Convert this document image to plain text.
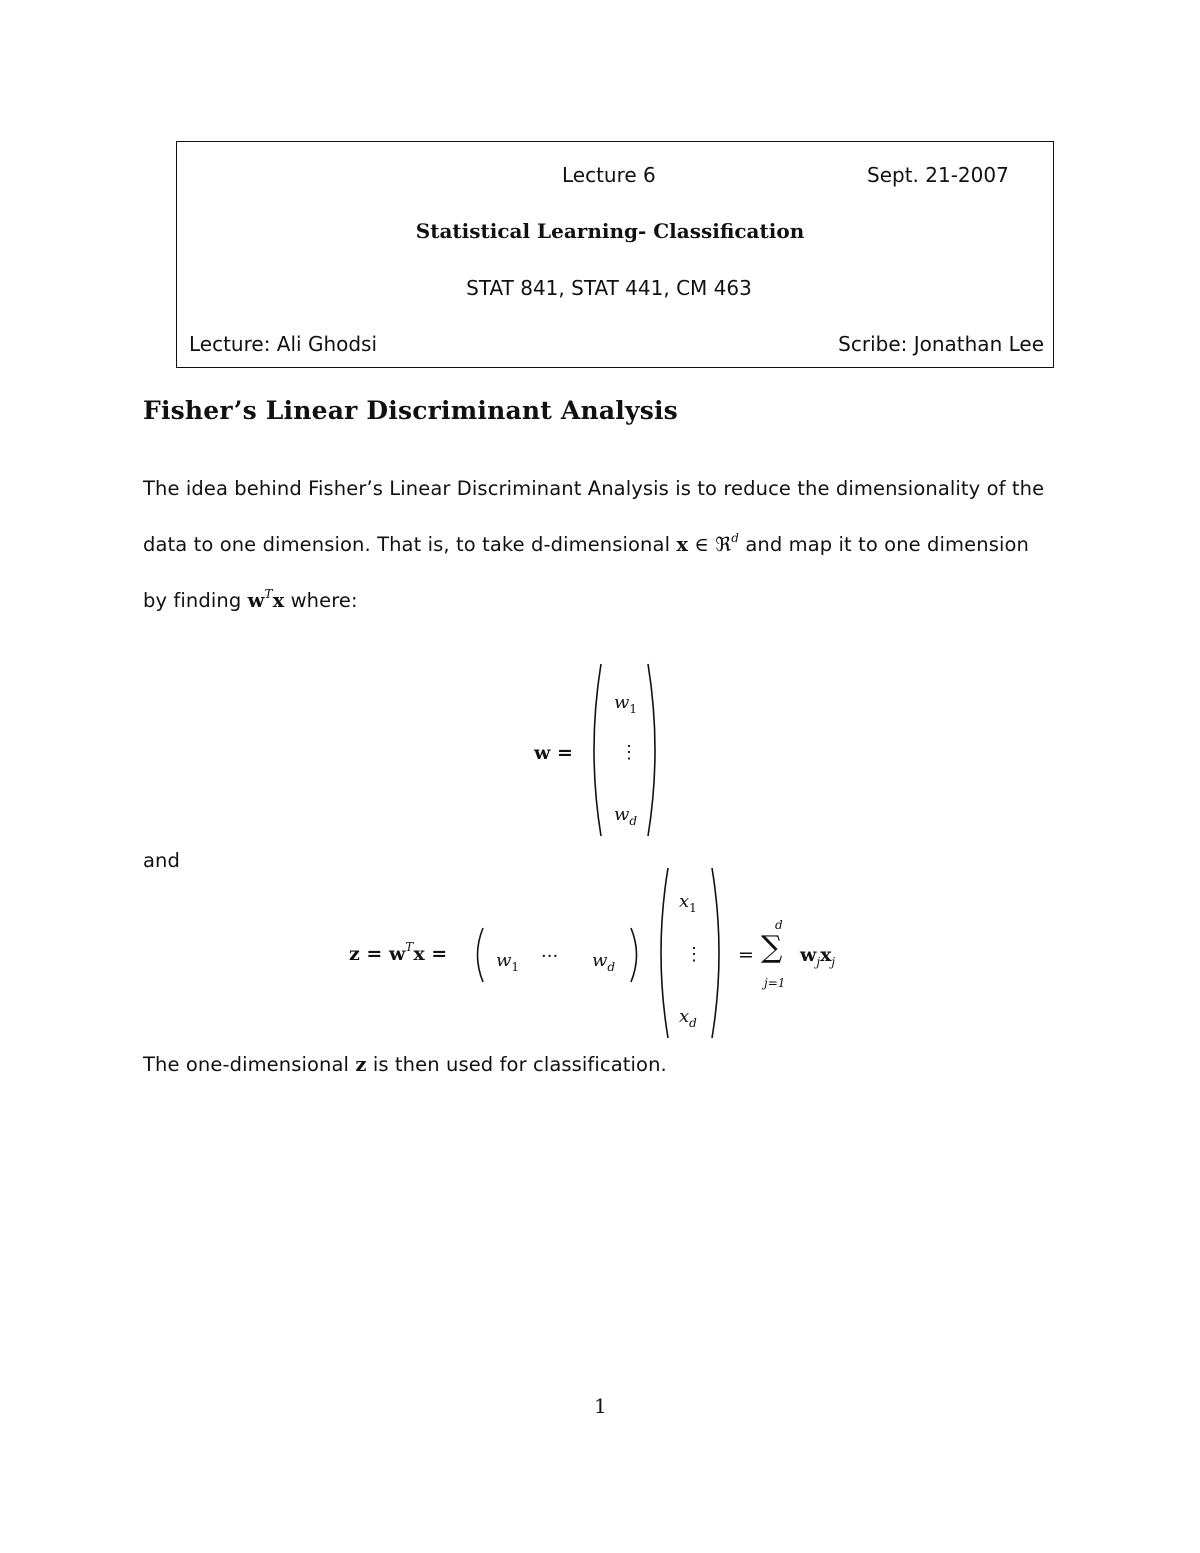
Lecture 6	Sept. 21-2007
Statistical Learning- Classification
STAT 841, STAT 441, CM 463
Lecture: Ali Ghodsi	Scribe: Jonathan Lee
Fisher’s Linear Discriminant Analysis
The idea behind Fisher’s Linear Discriminant Analysis is to reduce the dimensionality of the
data to one dimension. That is, to take d-dimensional x ∈ ℜ$^d$ and map it to one dimension
by finding $w^Tx$ where:
w =
$w_1$
⋮
$w_d$
and
$z = w^Tx$ =	$w_1$ ··· $w_d$
$x_1$
⋮
$x_d$
=
d
∑
j=1
$w_jx_j$
The one-dimensional z is then used for classification.
1
